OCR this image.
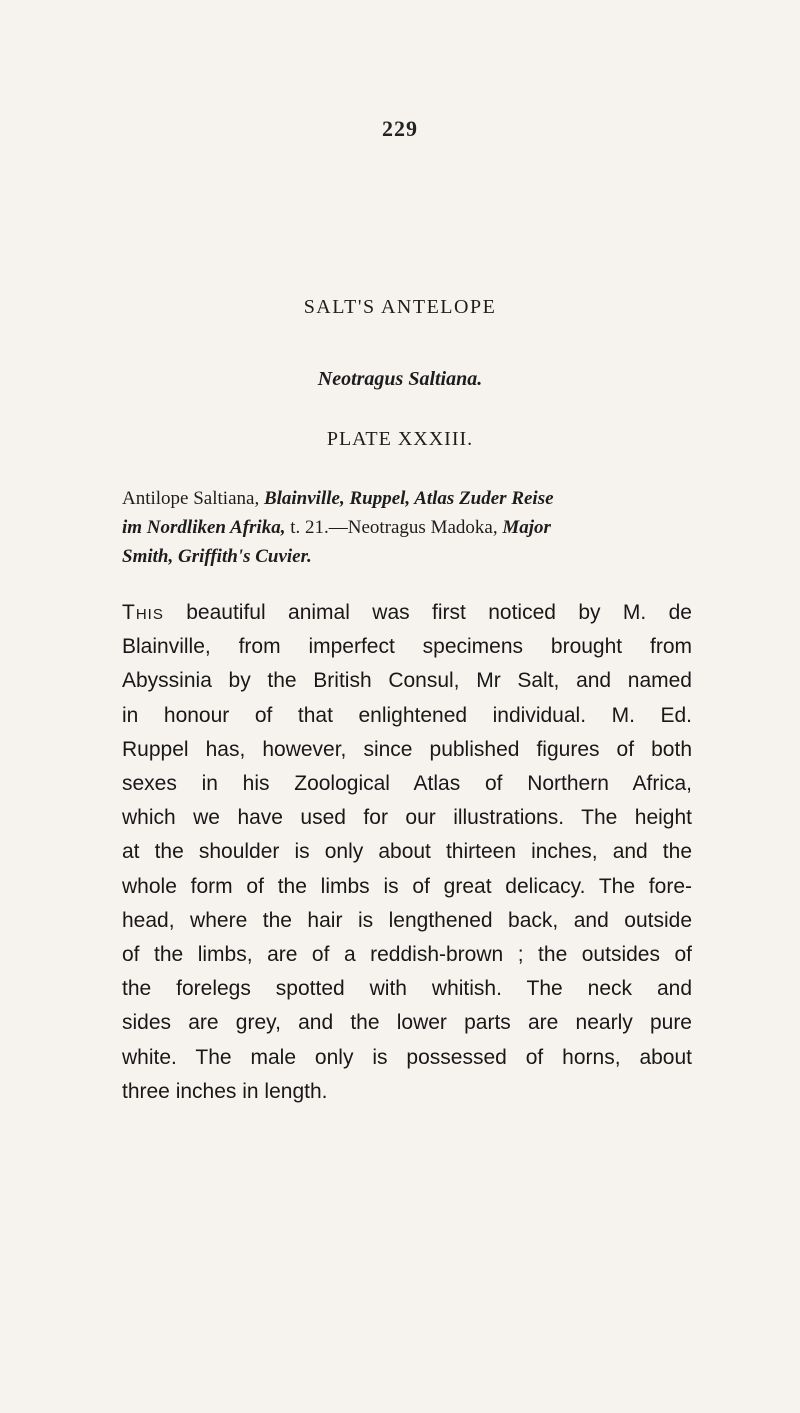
229
SALT'S ANTELOPE
Neotragus Saltiana.
PLATE XXXIII.
Antilope Saltiana, Blainville, Ruppel, Atlas Zuder Reise
im Nordliken Afrika, t. 21.—Neotragus Madoka, Major
Smith, Griffith's Cuvier.
This beautiful animal was first noticed by M. de
Blainville, from imperfect specimens brought from
Abyssinia by the British Consul, Mr Salt, and named
in honour of that enlightened individual. M. Ed.
Ruppel has, however, since published figures of both
sexes in his Zoological Atlas of Northern Africa,
which we have used for our illustrations. The height
at the shoulder is only about thirteen inches, and the
whole form of the limbs is of great delicacy. The fore-
head, where the hair is lengthened back, and outside
of the limbs, are of a reddish-brown ; the outsides of
the forelegs spotted with whitish. The neck and
sides are grey, and the lower parts are nearly pure
white. The male only is possessed of horns, about
three inches in length.
